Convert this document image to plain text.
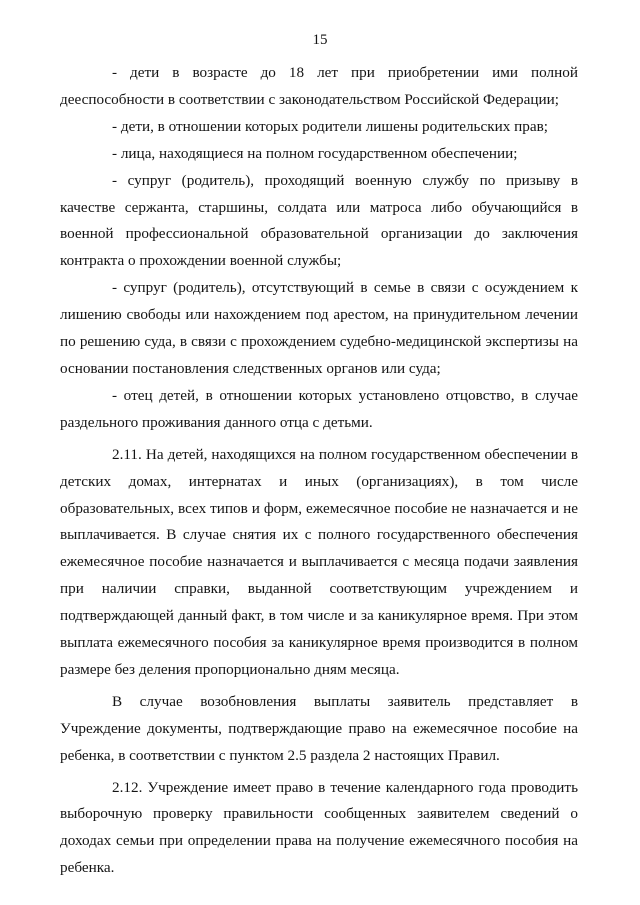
15

- дети в возрасте до 18 лет при приобретении ими полной дееспособности в соответствии с законодательством Российской Федерации;

- дети, в отношении которых родители лишены родительских прав;

- лица, находящиеся на полном государственном обеспечении;

- супруг (родитель), проходящий военную службу по призыву в качестве сержанта, старшины, солдата или матроса либо обучающийся в военной профессиональной образовательной организации до заключения контракта о прохождении военной службы;

- супруг (родитель), отсутствующий в семье в связи с осуждением к лишению свободы или нахождением под арестом, на принудительном лечении по решению суда, в связи с прохождением судебно-медицинской экспертизы на основании постановления следственных органов или суда;

- отец детей, в отношении которых установлено отцовство, в случае раздельного проживания данного отца с детьми.

2.11. На детей, находящихся на полном государственном обеспечении в детских домах, интернатах и иных (организациях), в том числе образовательных, всех типов и форм, ежемесячное пособие не назначается и не выплачивается. В случае снятия их с полного государственного обеспечения ежемесячное пособие назначается и выплачивается с месяца подачи заявления при наличии справки, выданной соответствующим учреждением и подтверждающей данный факт, в том числе и за каникулярное время. При этом выплата ежемесячного пособия за каникулярное время производится в полном размере без деления пропорционально дням месяца.

В случае возобновления выплаты заявитель представляет в Учреждение документы, подтверждающие право на ежемесячное пособие на ребенка, в соответствии с пунктом 2.5 раздела 2 настоящих Правил.

2.12. Учреждение имеет право в течение календарного года проводить выборочную проверку правильности сообщенных заявителем сведений о доходах семьи при определении права на получение ежемесячного пособия на ребенка.
